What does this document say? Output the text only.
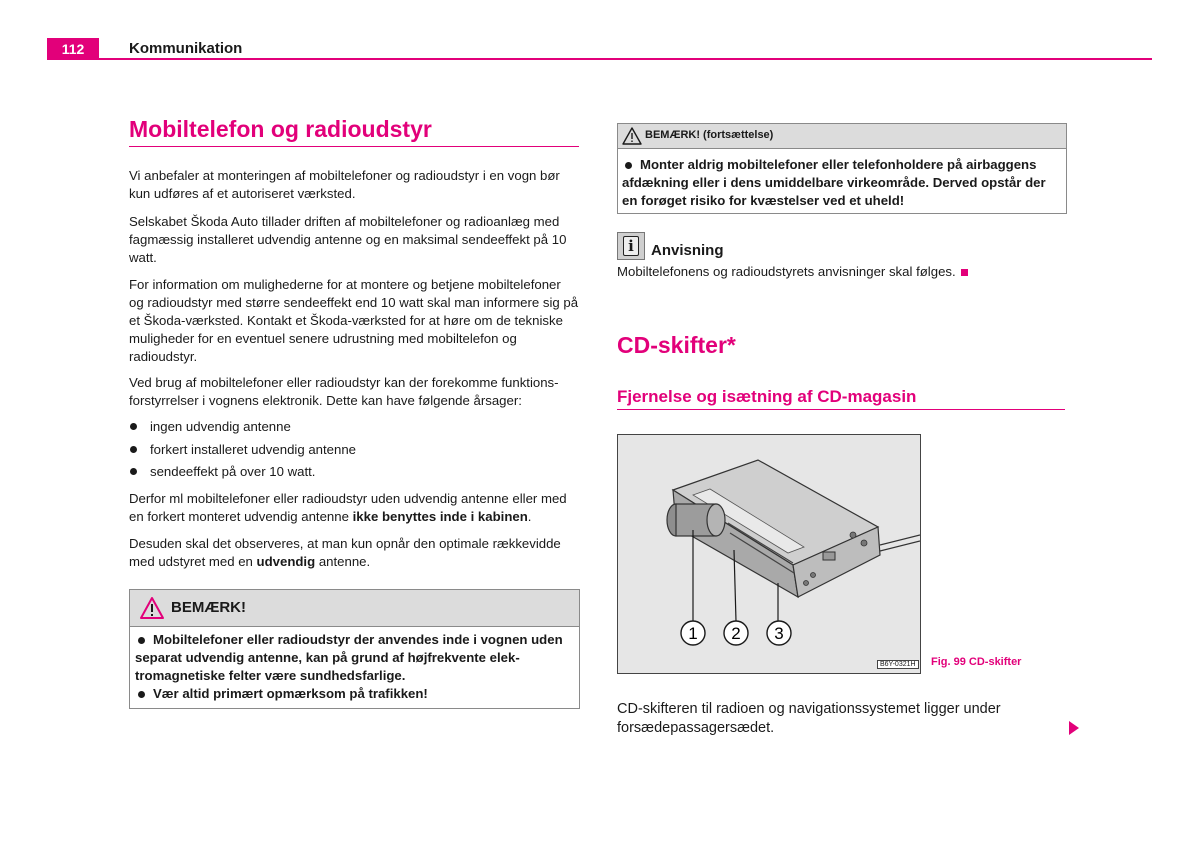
112	Kommunikation
Mobiltelefon og radioudstyr
Vi anbefaler at monteringen af mobiltelefoner og radioudstyr i en vogn bør kun udføres af et autoriseret værksted.
Selskabet Škoda Auto tillader driften af mobiltelefoner og radioanlæg med fagmæssig installeret udvendig antenne og en maksimal sendeeffekt på 10 watt.
For information om mulighederne for at montere og betjene mobiltelefoner og radioudstyr med større sendeeffekt end 10 watt skal man informere sig på et Škoda-værksted. Kontakt et Škoda-værksted for at høre om de tekniske muligheder for en eventuel senere udrustning med mobiltelefon og radioudstyr.
Ved brug af mobiltelefoner eller radioudstyr kan der forekomme funktions-forstyrrelser i vognens elektronik. Dette kan have følgende årsager:
ingen udvendig antenne
forkert installeret udvendig antenne
sendeeffekt på over 10 watt.
Derfor ml mobiltelefoner eller radioudstyr uden udvendig antenne eller med en forkert monteret udvendig antenne ikke benyttes inde i kabinen.
Desuden skal det observeres, at man kun opnår den optimale rækkevidde med udstyret med en udvendig antenne.
BEMÆRK!
Mobiltelefoner eller radioudstyr der anvendes inde i vognen uden separat udvendig antenne, kan på grund af højfrekvente elek-tromagnetiske felter være sundhedsfarlige.
Vær altid primært opmærksom på trafikken!
BEMÆRK! (fortsættelse)
Monter aldrig mobiltelefoner eller telefonholdere på airbaggens afdækning eller i dens umiddelbare virkeområde. Derved opstår der en forøget risiko for kvæstelser ved et uheld!
i	Anvisning
Mobiltelefonens og radioudstyrets anvisninger skal følges.
CD-skifter*
Fjernelse og isætning af CD-magasin
1 2 3
B6Y-0321H Fig. 99 CD-skifter
CD-skifteren til radioen og navigationssystemet ligger under forsædepassagersædet.
